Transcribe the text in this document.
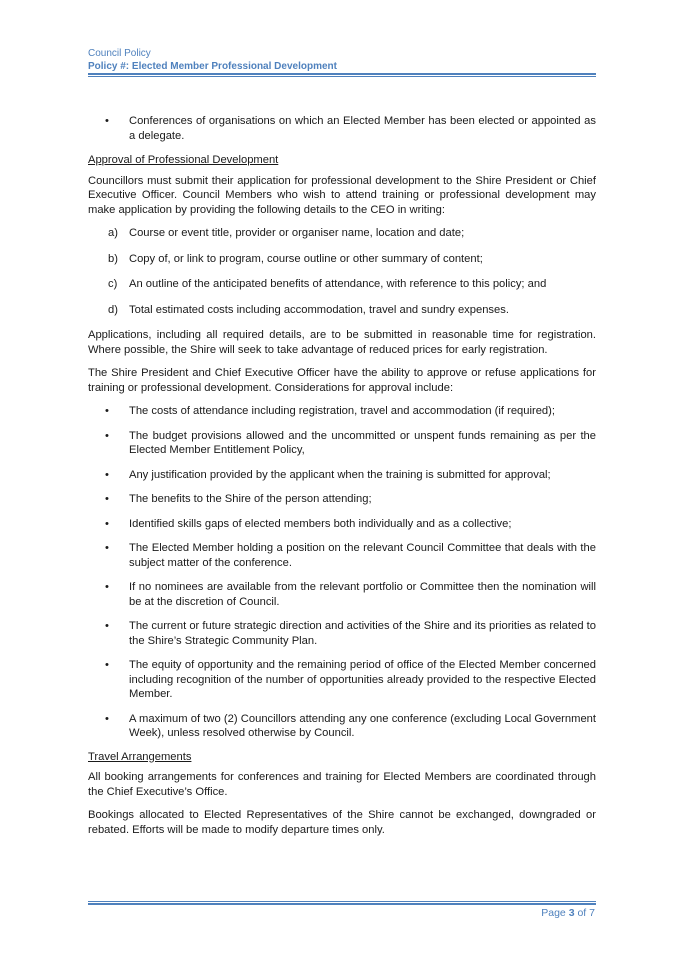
Council Policy
Policy #: Elected Member Professional Development
• Conferences of organisations on which an Elected Member has been elected or appointed as a delegate.

Approval of Professional Development

Councillors must submit their application for professional development to the Shire President or Chief Executive Officer. Council Members who wish to attend training or professional development may make application by providing the following details to the CEO in writing:

a) Course or event title, provider or organiser name, location and date;
b) Copy of, or link to program, course outline or other summary of content;
c) An outline of the anticipated benefits of attendance, with reference to this policy; and
d) Total estimated costs including accommodation, travel and sundry expenses.

Applications, including all required details, are to be submitted in reasonable time for registration. Where possible, the Shire will seek to take advantage of reduced prices for early registration.

The Shire President and Chief Executive Officer have the ability to approve or refuse applications for training or professional development. Considerations for approval include:

• The costs of attendance including registration, travel and accommodation (if required);
• The budget provisions allowed and the uncommitted or unspent funds remaining as per the Elected Member Entitlement Policy,
• Any justification provided by the applicant when the training is submitted for approval;
• The benefits to the Shire of the person attending;
• Identified skills gaps of elected members both individually and as a collective;
• The Elected Member holding a position on the relevant Council Committee that deals with the subject matter of the conference.
• If no nominees are available from the relevant portfolio or Committee then the nomination will be at the discretion of Council.
• The current or future strategic direction and activities of the Shire and its priorities as related to the Shire’s Strategic Community Plan.
• The equity of opportunity and the remaining period of office of the Elected Member concerned including recognition of the number of opportunities already provided to the respective Elected Member.
• A maximum of two (2) Councillors attending any one conference (excluding Local Government Week), unless resolved otherwise by Council.

Travel Arrangements

All booking arrangements for conferences and training for Elected Members are coordinated through the Chief Executive’s Office.

Bookings allocated to Elected Representatives of the Shire cannot be exchanged, downgraded or rebated. Efforts will be made to modify departure times only.

Page 3 of 7
